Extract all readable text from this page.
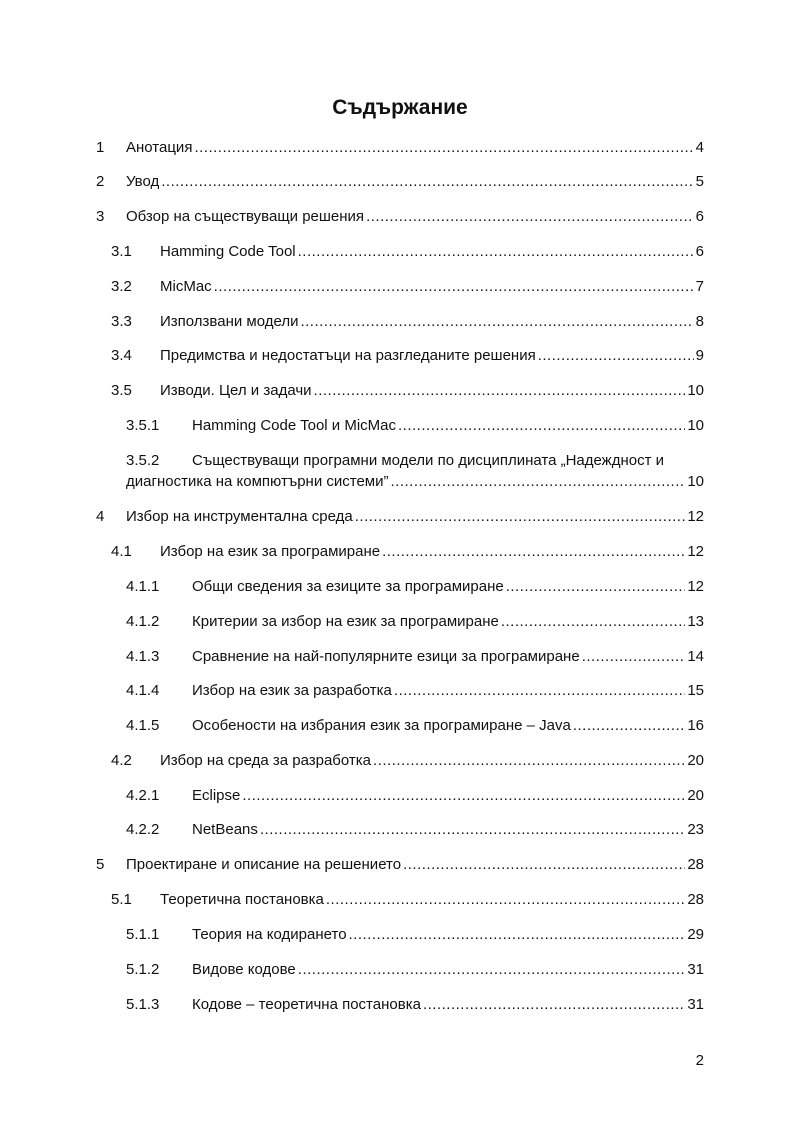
Съдържание
1 Анотация .....	4
2 Увод .....	5
3 Обзор на съществуващи решения .....	6
3.1 Hamming Code Tool .....	6
3.2 MicMac .....	7
3.3 Използвани модели .....	8
3.4 Предимства и недостатъци на разгледаните решения .....	9
3.5 Изводи. Цел и задачи .....	10
3.5.1 Hamming Code Tool и MicMac .....	10
3.5.2 Съществуващи програмни модели по дисциплината „Надеждност и
диагностика на компютърни системи” .....	10
4 Избор на инструментална среда .....	12
4.1 Избор на език за програмиране .....	12
4.1.1 Общи сведения за езиците за програмиране .....	12
4.1.2 Критерии за избор на език за програмиране .....	13
4.1.3 Сравнение на най-популярните езици за програмиране .....	14
4.1.4 Избор на език за разработка .....	15
4.1.5 Особености на избрания език за програмиране – Java .....	16
4.2 Избор на среда за разработка .....	20
4.2.1 Eclipse .....	20
4.2.2 NetBeans .....	23
5 Проектиране и описание на решението .....	28
5.1 Теоретична постановка .....	28
5.1.1 Теория на кодирането .....	29
5.1.2 Видове кодове .....	31
5.1.3 Кодове – теоретична постановка .....	31
2
